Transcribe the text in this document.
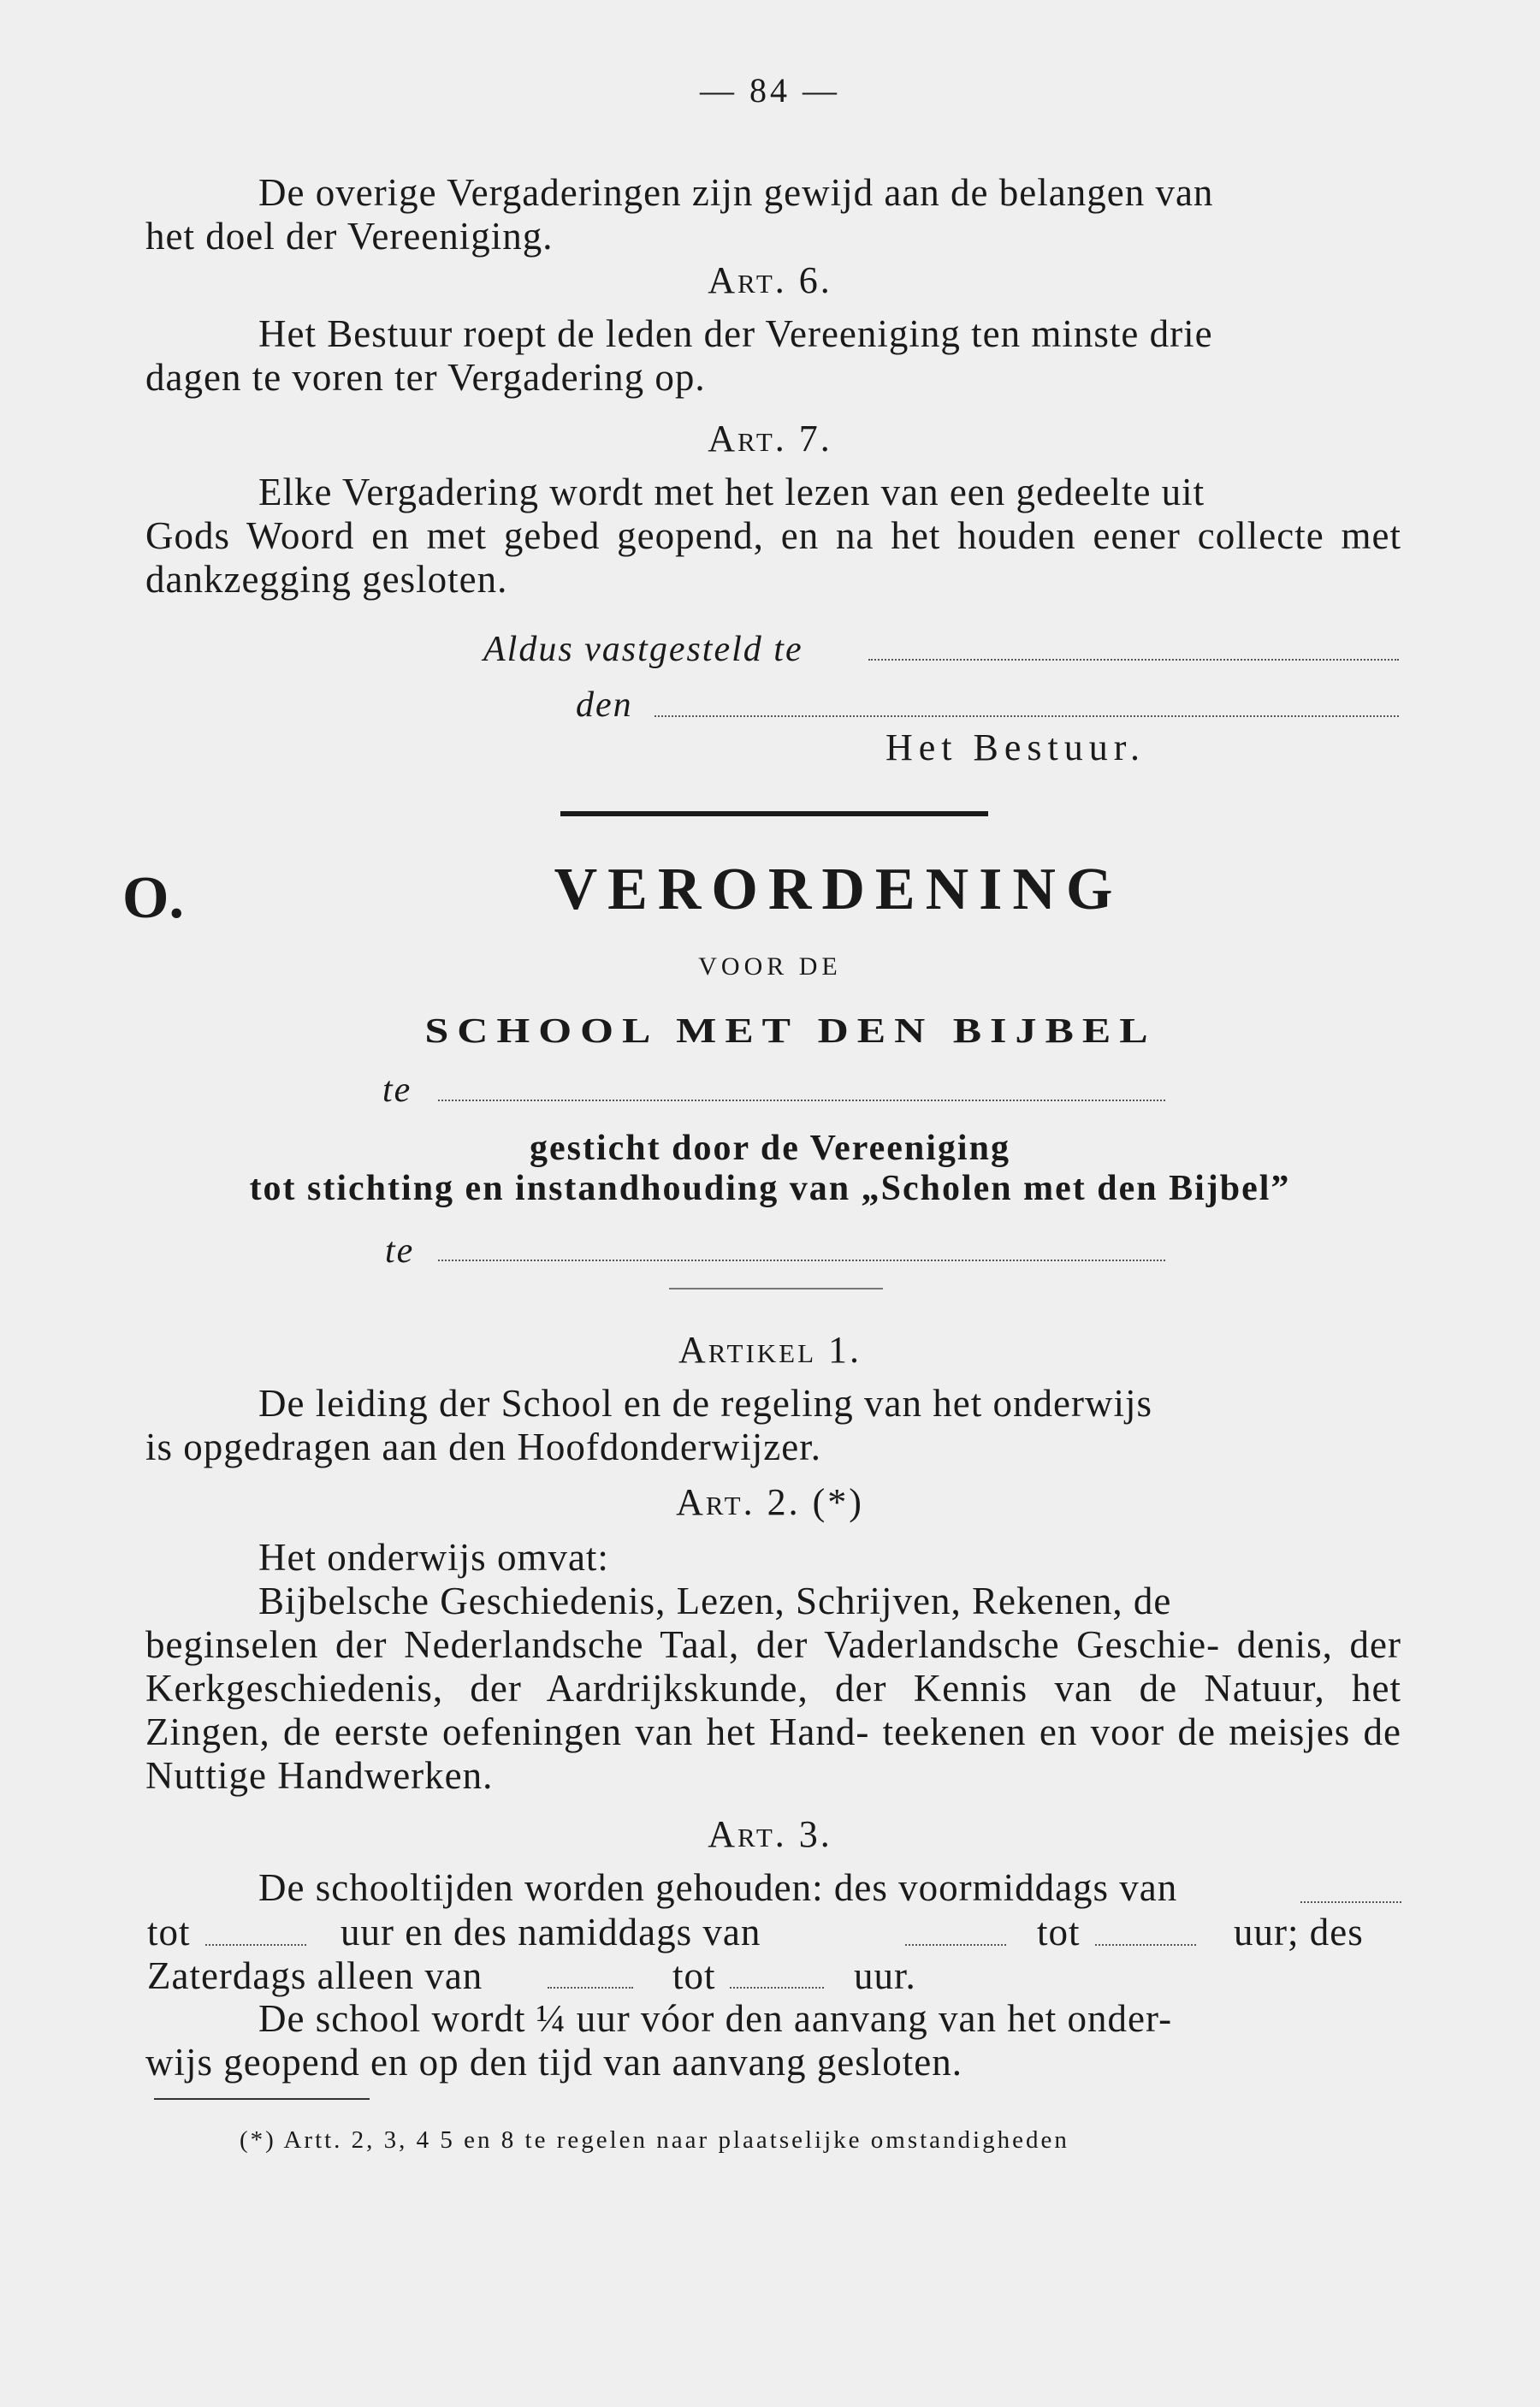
— 84 —
De overige Vergaderingen zijn gewijd aan de belangen van
het doel der Vereeniging.
Art. 6.
Het Bestuur roept de leden der Vereeniging ten minste drie
dagen te voren ter Vergadering op.
Art. 7.
Elke Vergadering wordt met het lezen van een gedeelte uit
Gods Woord en met gebed geopend, en na het houden eener collecte met dankzegging gesloten.
Aldus vastgesteld te
den
Het Bestuur.
O.	VERORDENING
VOOR DE
SCHOOL MET DEN BIJBEL
te
gesticht door de Vereeniging
tot stichting en instandhouding van „Scholen met den Bijbel”
te
Artikel 1.
De leiding der School en de regeling van het onderwijs
is opgedragen aan den Hoofdonderwijzer.
Art. 2. (*)
Het onderwijs omvat:
Bijbelsche Geschiedenis, Lezen, Schrijven, Rekenen, de
beginselen der Nederlandsche Taal, der Vaderlandsche Geschie- denis, der Kerkgeschiedenis, der Aardrijkskunde, der Kennis van de Natuur, het Zingen, de eerste oefeningen van het Hand- teekenen en voor de meisjes de Nuttige Handwerken.
Art. 3.
De schooltijden worden gehouden: des voormiddags van
tot	uur en des namiddags van	tot	uur; des
Zaterdags alleen van	tot	uur.
De school wordt ¼ uur vóor den aanvang van het onder-
wijs geopend en op den tijd van aanvang gesloten.
(*) Artt. 2, 3, 4 5 en 8 te regelen naar plaatselijke omstandigheden
